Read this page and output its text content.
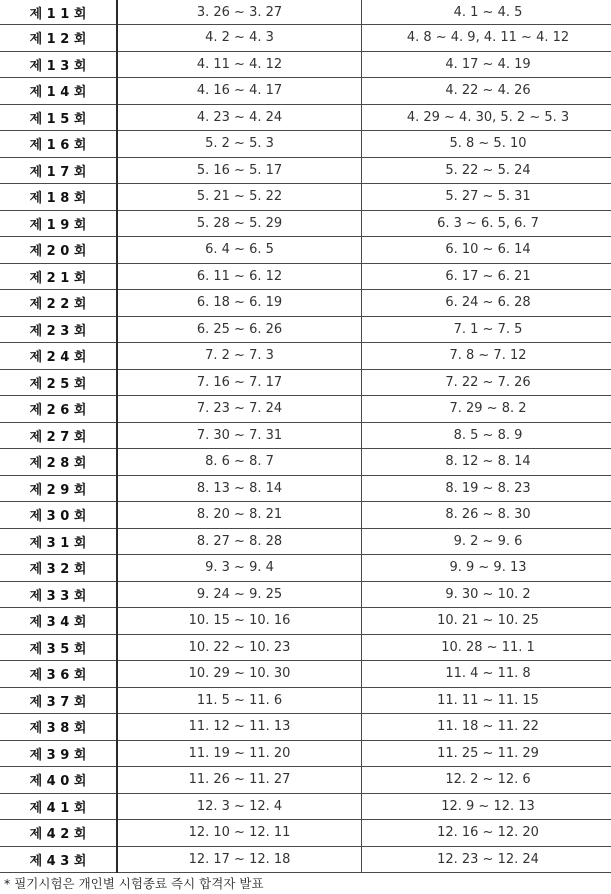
제 1 1 회	3. 26 ~ 3. 27	4. 1 ~ 4. 5
제 1 2 회	4. 2 ~ 4. 3	4. 8 ~ 4. 9, 4. 11 ~ 4. 12
제 1 3 회	4. 11 ~ 4. 12	4. 17 ~ 4. 19
제 1 4 회	4. 16 ~ 4. 17	4. 22 ~ 4. 26
제 1 5 회	4. 23 ~ 4. 24	4. 29 ~ 4. 30, 5. 2 ~ 5. 3
제 1 6 회	5. 2 ~ 5. 3	5. 8 ~ 5. 10
제 1 7 회	5. 16 ~ 5. 17	5. 22 ~ 5. 24
제 1 8 회	5. 21 ~ 5. 22	5. 27 ~ 5. 31
제 1 9 회	5. 28 ~ 5. 29	6. 3 ~ 6. 5, 6. 7
제 2 0 회	6. 4 ~ 6. 5	6. 10 ~ 6. 14
제 2 1 회	6. 11 ~ 6. 12	6. 17 ~ 6. 21
제 2 2 회	6. 18 ~ 6. 19	6. 24 ~ 6. 28
제 2 3 회	6. 25 ~ 6. 26	7. 1 ~ 7. 5
제 2 4 회	7. 2 ~ 7. 3	7. 8 ~ 7. 12
제 2 5 회	7. 16 ~ 7. 17	7. 22 ~ 7. 26
제 2 6 회	7. 23 ~ 7. 24	7. 29 ~ 8. 2
제 2 7 회	7. 30 ~ 7. 31	8. 5 ~ 8. 9
제 2 8 회	8. 6 ~ 8. 7	8. 12 ~ 8. 14
제 2 9 회	8. 13 ~ 8. 14	8. 19 ~ 8. 23
제 3 0 회	8. 20 ~ 8. 21	8. 26 ~ 8. 30
제 3 1 회	8. 27 ~ 8. 28	9. 2 ~ 9. 6
제 3 2 회	9. 3 ~ 9. 4	9. 9 ~ 9. 13
제 3 3 회	9. 24 ~ 9. 25	9. 30 ~ 10. 2
제 3 4 회	10. 15 ~ 10. 16	10. 21 ~ 10. 25
제 3 5 회	10. 22 ~ 10. 23	10. 28 ~ 11. 1
제 3 6 회	10. 29 ~ 10. 30	11. 4 ~ 11. 8
제 3 7 회	11. 5 ~ 11. 6	11. 11 ~ 11. 15
제 3 8 회	11. 12 ~ 11. 13	11. 18 ~ 11. 22
제 3 9 회	11. 19 ~ 11. 20	11. 25 ~ 11. 29
제 4 0 회	11. 26 ~ 11. 27	12. 2 ~ 12. 6
제 4 1 회	12. 3 ~ 12. 4	12. 9 ~ 12. 13
제 4 2 회	12. 10 ~ 12. 11	12. 16 ~ 12. 20
제 4 3 회	12. 17 ~ 12. 18	12. 23 ~ 12. 24
* 필기시험은 개인별 시험종료 즉시 합격자 발표
